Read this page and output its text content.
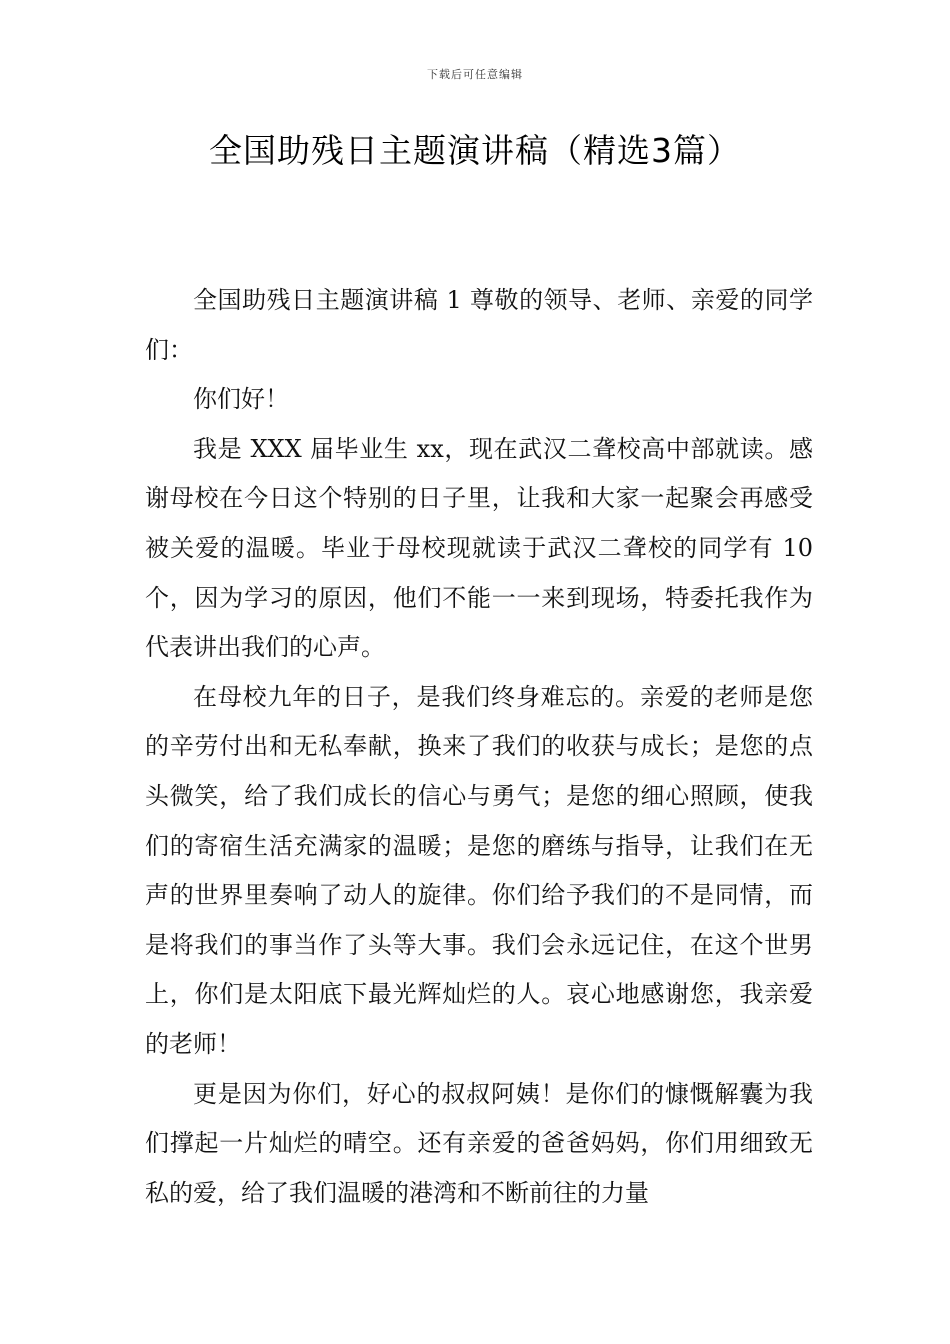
下载后可任意编辑
全国助残日主题演讲稿（精选3篇）

全国助残日主题演讲稿 1 尊敬的领导、老师、亲爱的同学们：

你们好！

我是 XXX 届毕业生 xx，现在武汉二聋校高中部就读。感谢母校在今日这个特别的日子里，让我和大家一起聚会再感受被关爱的温暖。毕业于母校现就读于武汉二聋校的同学有 10 个，因为学习的原因，他们不能一一来到现场，特委托我作为代表讲出我们的心声。

在母校九年的日子，是我们终身难忘的。亲爱的老师是您的辛劳付出和无私奉献，换来了我们的收获与成长；是您的点头微笑，给了我们成长的信心与勇气；是您的细心照顾，使我们的寄宿生活充满家的温暖；是您的磨练与指导，让我们在无声的世界里奏响了动人的旋律。你们给予我们的不是同情，而是将我们的事当作了头等大事。我们会永远记住，在这个世男上，你们是太阳底下最光辉灿烂的人。哀心地感谢您，我亲爱的老师！

更是因为你们，好心的叔叔阿姨！是你们的慷慨解囊为我们撑起一片灿烂的晴空。还有亲爱的爸爸妈妈，你们用细致无私的爱，给了我们温暖的港湾和不断前往的力量
